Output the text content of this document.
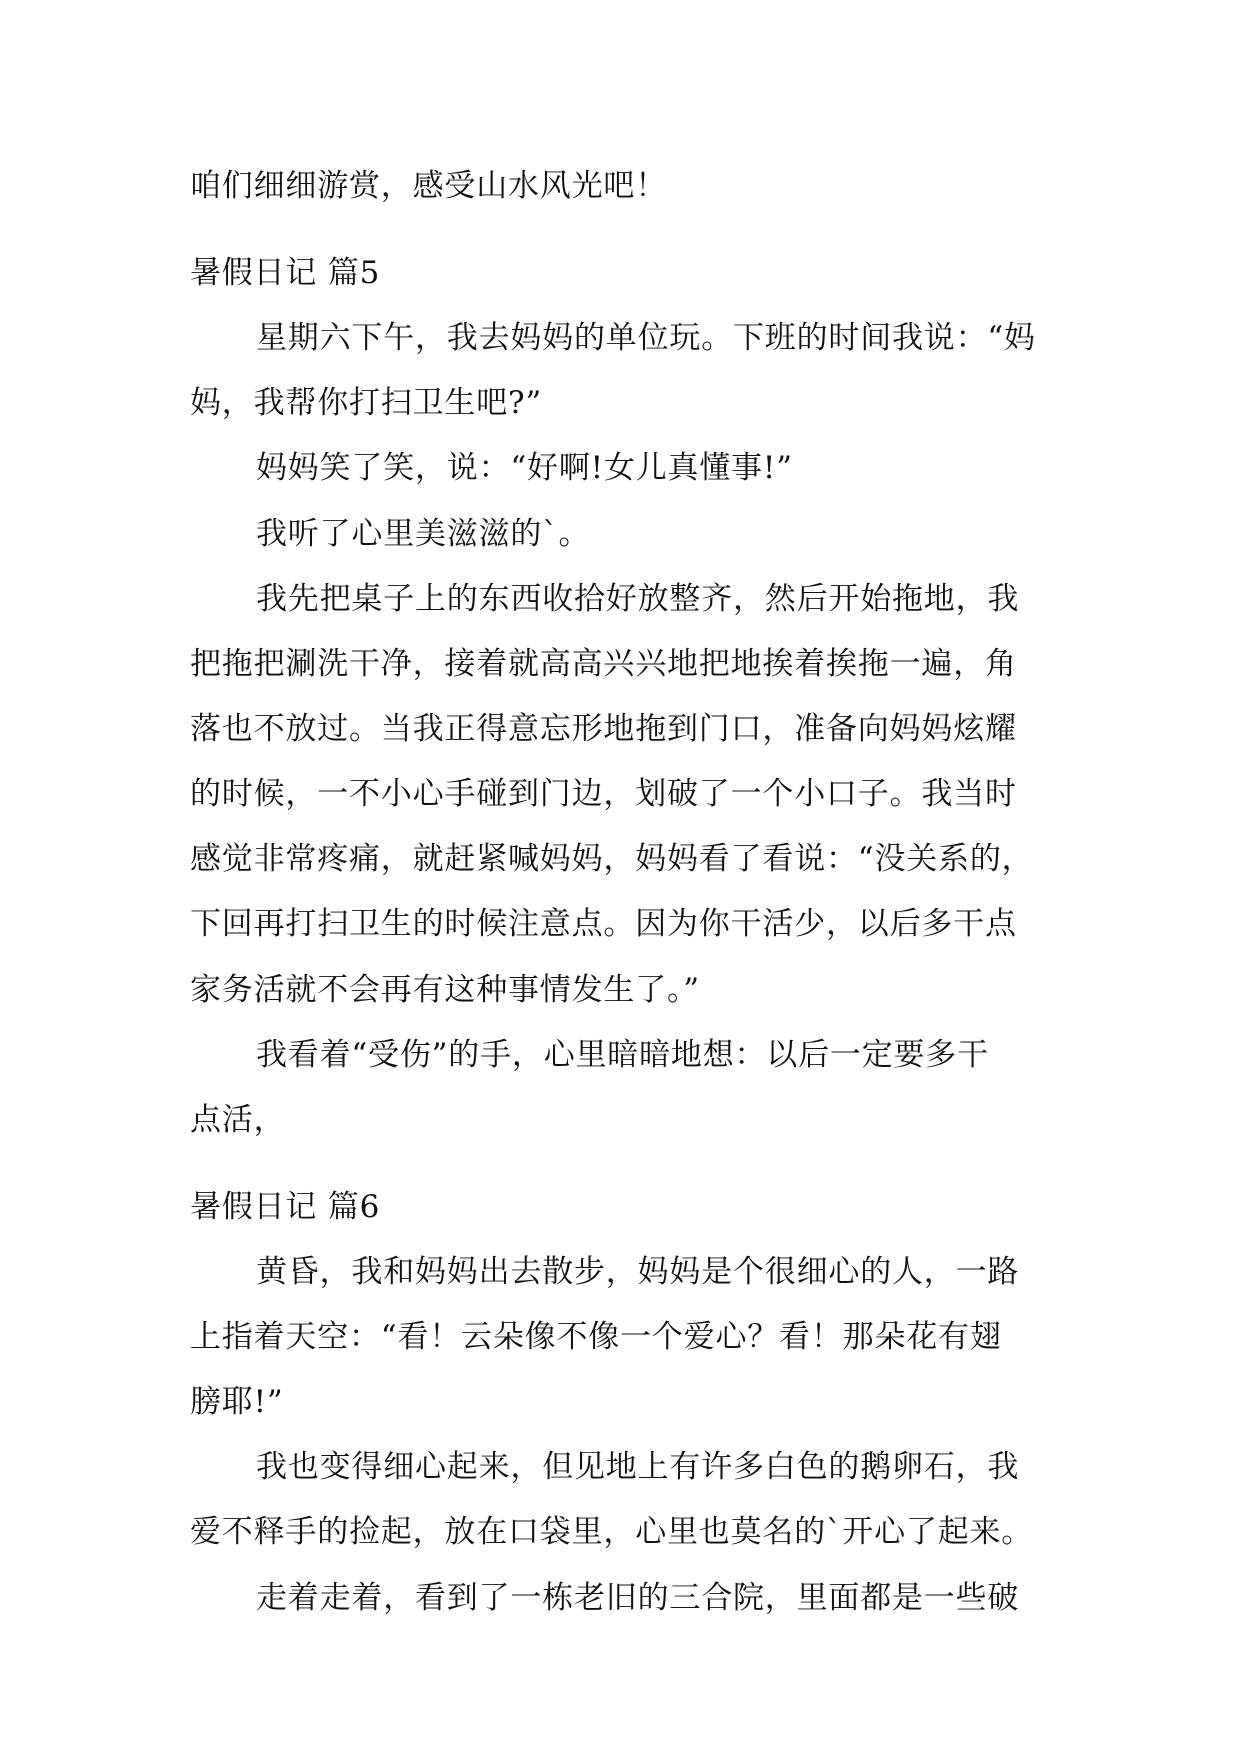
咱们细细游赏，感受山水风光吧！
暑假日记 篇5
星期六下午，我去妈妈的单位玩。下班的时间我说：“妈
妈，我帮你打扫卫生吧?”
妈妈笑了笑，说：“好啊!女儿真懂事!”
我听了心里美滋滋的`。
我先把桌子上的东西收拾好放整齐，然后开始拖地，我
把拖把涮洗干净，接着就高高兴兴地把地挨着挨拖一遍，角
落也不放过。当我正得意忘形地拖到门口，准备向妈妈炫耀
的时候，一不小心手碰到门边，划破了一个小口子。我当时
感觉非常疼痛，就赶紧喊妈妈，妈妈看了看说：“没关系的，
下回再打扫卫生的时候注意点。因为你干活少，以后多干点
家务活就不会再有这种事情发生了。”
我看着“受伤”的手，心里暗暗地想：以后一定要多干
点活，
暑假日记 篇6
黄昏，我和妈妈出去散步，妈妈是个很细心的人，一路
上指着天空：“看！云朵像不像一个爱心？看！那朵花有翅
膀耶!”
我也变得细心起来，但见地上有许多白色的鹅卵石，我
爱不释手的捡起，放在口袋里，心里也莫名的`开心了起来。
走着走着，看到了一栋老旧的三合院，里面都是一些破
